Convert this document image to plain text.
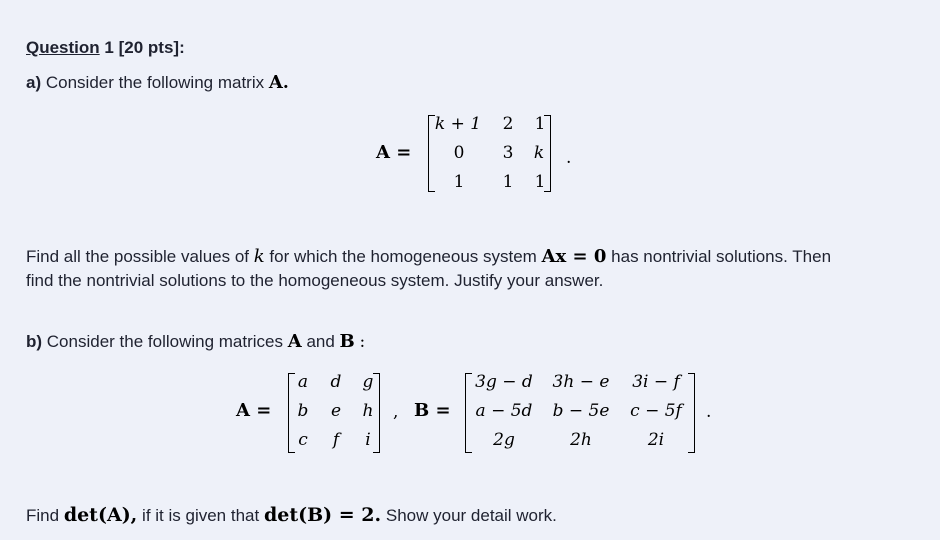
Question 1 [20 pts]:
a) Consider the following matrix A.
A =
k + 1 2 1
0 3 k
1 1 1
.
Find all the possible values of k for which the homogeneous system Ax = 0 has nontrivial solutions. Then
find the nontrivial solutions to the homogeneous system. Justify your answer.
b) Consider the following matrices A and B :
A =
a d g
b e h
c f i
, B =
3g − d 3h − e 3i − f
a − 5d b − 5e c − 5f
2g	2h	2i
.
Find det(A), if it is given that det(B) = 2. Show your detail work.
